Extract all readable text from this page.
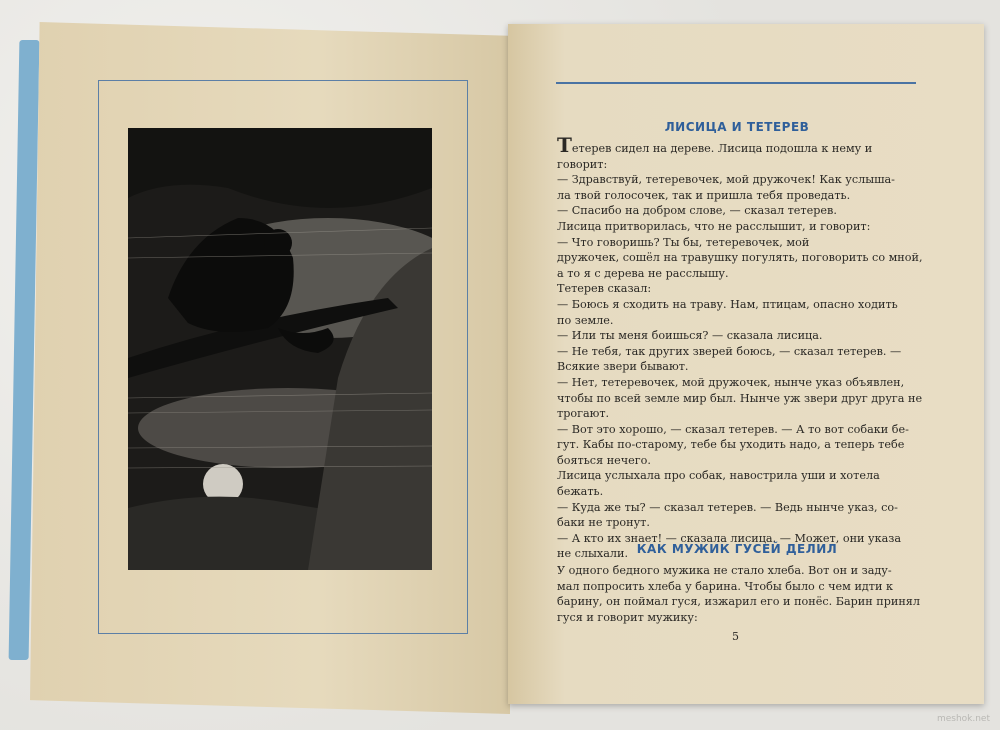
ЛИСИЦА И ТЕТЕРЕВ

Тетерев сидел на дереве. Лисица подошла к нему и

говорит:

— Здравствуй, тетеревочек, мой дружочек! Как услыша-

ла твой голосочек, так и пришла тебя проведать.

— Спасибо на добром слове, — сказал тетерев.

Лисица притворилась, что не расслышит, и говорит:

— Что говоришь? Ты бы, тетеревочек, мой

дружочек, сошёл на травушку погулять, поговорить со мной,

а то я с дерева не расслышу.

Тетерев сказал:

— Боюсь я сходить на траву. Нам, птицам, опасно ходить

по земле.

— Или ты меня боишься? — сказала лисица.

— Не тебя, так других зверей боюсь, — сказал тетерев. —

Всякие звери бывают.

— Нет, тетеревочек, мой дружочек, нынче указ объявлен,

чтобы по всей земле мир был. Нынче уж звери друг друга не

трогают.

— Вот это хорошо, — сказал тетерев. — А то вот собаки бе-

гут. Кабы по-старому, тебе бы уходить надо, а теперь тебе

бояться нечего.

Лисица услыхала про собак, навострила уши и хотела

бежать.

— Куда же ты? — сказал тетерев. — Ведь нынче указ, со-

баки не тронут.

— А кто их знает! — сказала лисица. — Может, они указа

не слыхали. КАК МУЖИК ГУСЕЙ ДЕЛИЛ

У одного бедного мужика не стало хлеба. Вот он и заду-

мал попросить хлеба у барина. Чтобы было с чем идти к

барину, он поймал гуся, изжарил его и понёс. Барин принял

гуся и говорит мужику:

5
meshok.net
